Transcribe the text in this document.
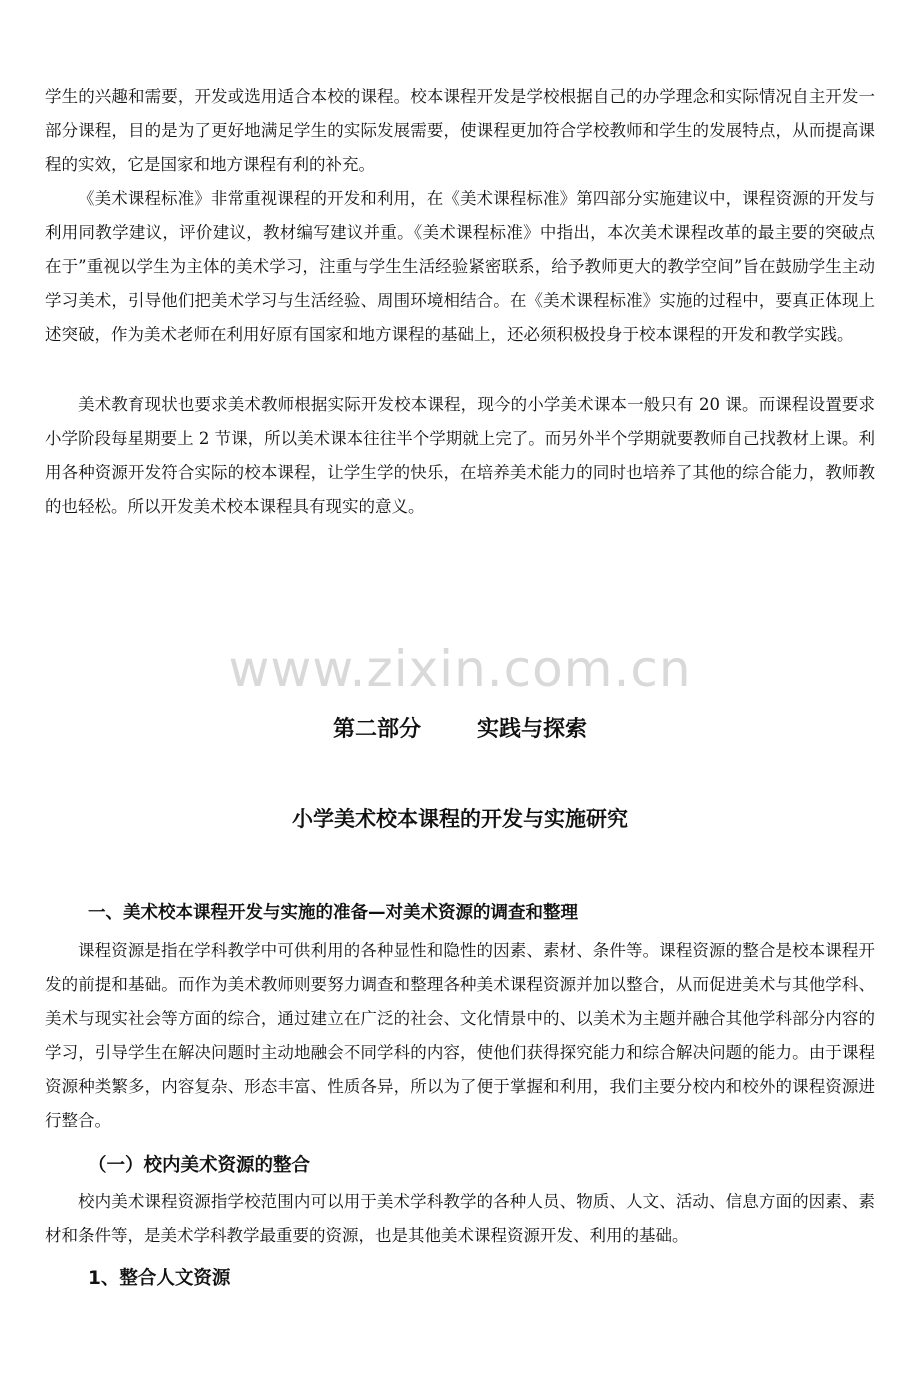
学生的兴趣和需要，开发或选用适合本校的课程。校本课程开发是学校根据自己的办学理念和实际情况自主开发一部分课程，目的是为了更好地满足学生的实际发展需要，使课程更加符合学校教师和学生的发展特点，从而提高课程的实效，它是国家和地方课程有利的补充。

《美术课程标准》非常重视课程的开发和利用，在《美术课程标准》第四部分实施建议中，课程资源的开发与利用同教学建议，评价建议，教材编写建议并重。《美术课程标准》中指出，本次美术课程改革的最主要的突破点在于”重视以学生为主体的美术学习，注重与学生生活经验紧密联系，给予教师更大的教学空间”旨在鼓励学生主动学习美术，引导他们把美术学习与生活经验、周围环境相结合。在《美术课程标准》实施的过程中，要真正体现上述突破，作为美术老师在利用好原有国家和地方课程的基础上，还必须积极投身于校本课程的开发和教学实践。

美术教育现状也要求美术教师根据实际开发校本课程，现今的小学美术课本一般只有 20 课。而课程设置要求小学阶段每星期要上 2 节课，所以美术课本往往半个学期就上完了。而另外半个学期就要教师自己找教材上课。利用各种资源开发符合实际的校本课程，让学生学的快乐，在培养美术能力的同时也培养了其他的综合能力，教师教的也轻松。所以开发美术校本课程具有现实的意义。

www.zixin.com.cn
第二部分	实践与探索
小学美术校本课程的开发与实施研究
一、美术校本课程开发与实施的准备—对美术资源的调查和整理

课程资源是指在学科教学中可供利用的各种显性和隐性的因素、素材、条件等。课程资源的整合是校本课程开发的前提和基础。而作为美术教师则要努力调查和整理各种美术课程资源并加以整合，从而促进美术与其他学科、美术与现实社会等方面的综合，通过建立在广泛的社会、文化情景中的、以美术为主题并融合其他学科部分内容的学习，引导学生在解决问题时主动地融会不同学科的内容，使他们获得探究能力和综合解决问题的能力。由于课程资源种类繁多，内容复杂、形态丰富、性质各异，所以为了便于掌握和利用，我们主要分校内和校外的课程资源进行整合。

（一）校内美术资源的整合

校内美术课程资源指学校范围内可以用于美术学科教学的各种人员、物质、人文、活动、信息方面的因素、素材和条件等，是美术学科教学最重要的资源，也是其他美术课程资源开发、利用的基础。

1、整合人文资源
